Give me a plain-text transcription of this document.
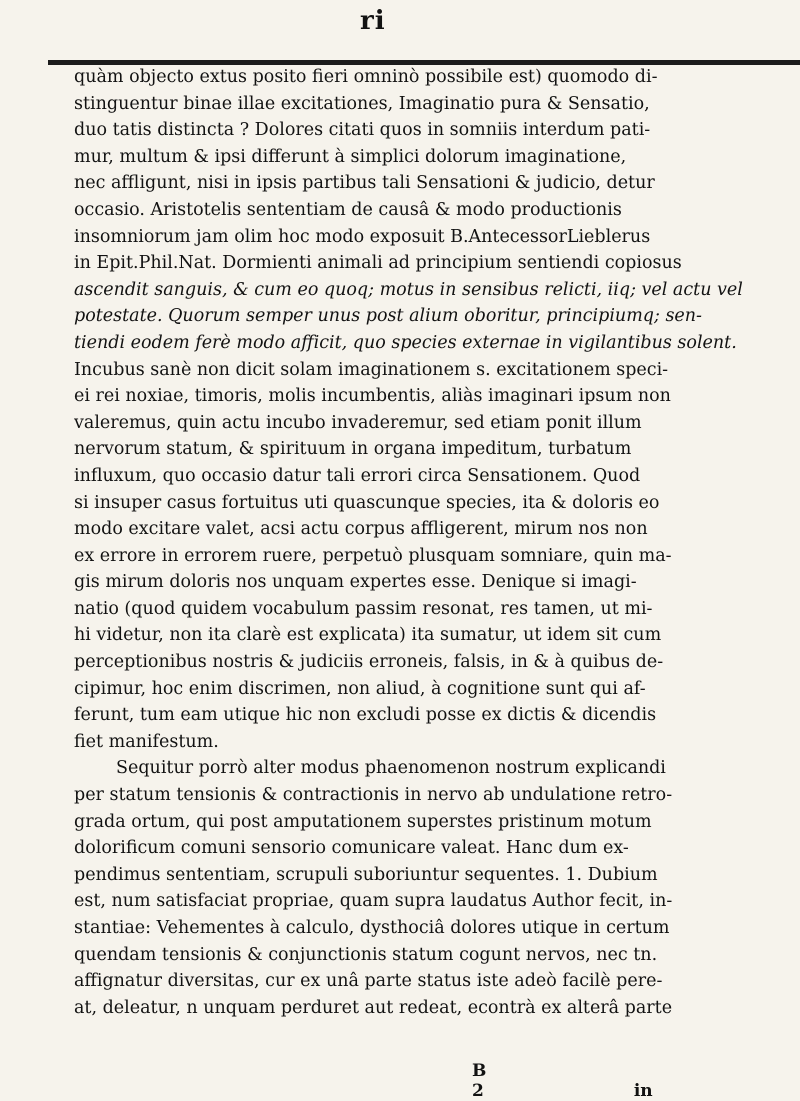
ri
quàm objecto extus posito fieri omninò possibile est) quomodo di-
stinguentur binae illae excitationes, Imaginatio pura & Sensatio,
duo tatis distincta ? Dolores citati quos in somniis interdum pati-
mur, multum & ipsi differunt à simplici dolorum imaginatione,
nec affligunt, nisi in ipsis partibus tali Sensationi & judicio, detur
occasio. Aristotelis sententiam de causâ & modo productionis
insomniorum jam olim hoc modo exposuit B.AntecessorLieblerus
in Epit.Phil.Nat. Dormienti animali ad principium sentiendi copiosus
ascendit sanguis, & cum eo quoq; motus in sensibus relicti, iiq; vel actu vel
potestate. Quorum semper unus post alium oboritur, principiumq; sen-
tiendi eodem ferè modo afficit, quo species externae in vigilantibus solent.
Incubus sanè non dicit solam imaginationem s. excitationem speci-
ei rei noxiae, timoris, molis incumbentis, aliàs imaginari ipsum non
valeremus, quin actu incubo invaderemur, sed etiam ponit illum
nervorum statum, & spirituum in organa impeditum, turbatum
influxum, quo occasio datur tali errori circa Sensationem. Quod
si insuper casus fortuitus uti quascunque species, ita & doloris eo
modo excitare valet, acsi actu corpus affligerent, mirum nos non
ex errore in errorem ruere, perpetuò plusquam somniare, quin ma-
gis mirum doloris nos unquam expertes esse. Denique si imagi-
natio (quod quidem vocabulum passim resonat, res tamen, ut mi-
hi videtur, non ita clarè est explicata) ita sumatur, ut idem sit cum
perceptionibus nostris & judiciis erroneis, falsis, in & à quibus de-
cipimur, hoc enim discrimen, non aliud, à cognitione sunt qui af-
ferunt, tum eam utique hic non excludi posse ex dictis & dicendis
fiet manifestum.
Sequitur porrò alter modus phaenomenon nostrum explicandi
per statum tensionis & contractionis in nervo ab undulatione retro-
grada ortum, qui post amputationem superstes pristinum motum
dolorificum comuni sensorio comunicare valeat. Hanc dum ex-
pendimus sententiam, scrupuli suboriuntur sequentes. 1. Dubium
est, num satisfaciat propriae, quam supra laudatus Author fecit, in-
stantiae: Vehementes à calculo, dysthociâ dolores utique in certum
quendam tensionis & conjunctionis statum cogunt nervos, nec tn.
affignatur diversitas, cur ex unâ parte status iste adeò facilè pere-
at, deleatur, n unquam perduret aut redeat, econtrà ex alterâ parte
B 2	in
